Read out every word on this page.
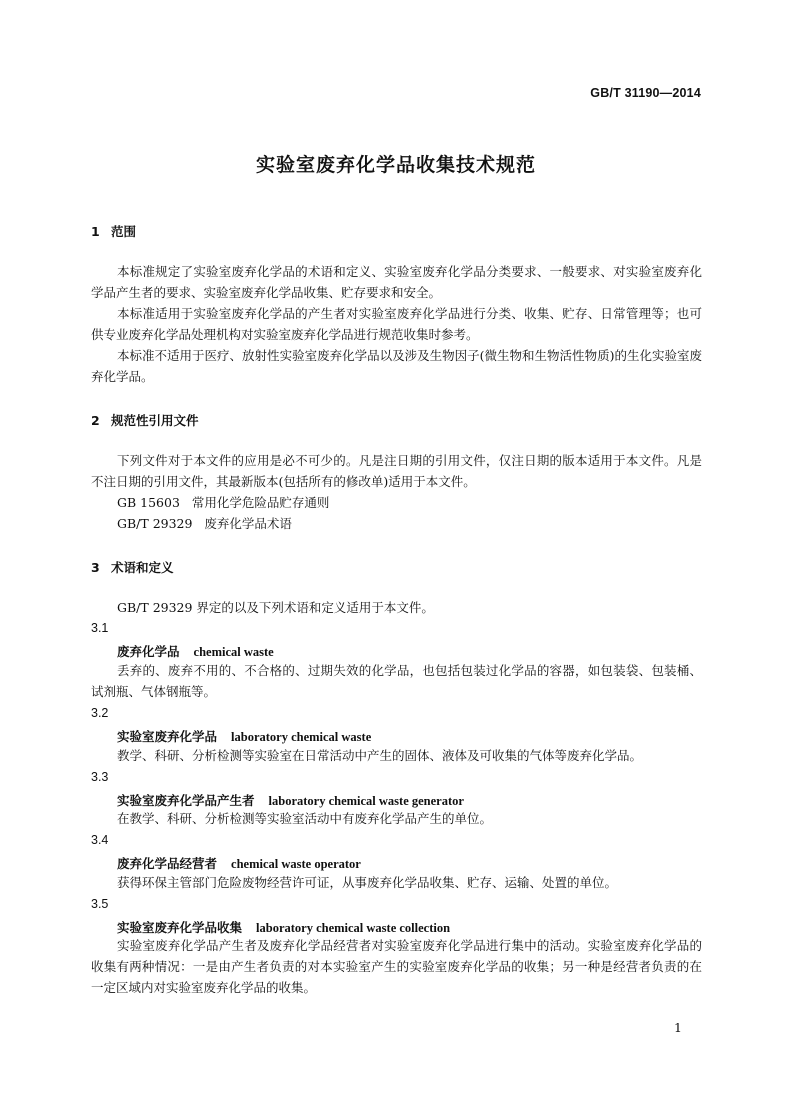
GB/T 31190—2014
实验室废弃化学品收集技术规范
1 范围

本标准规定了实验室废弃化学品的术语和定义、实验室废弃化学品分类要求、一般要求、对实验室废弃化学品产生者的要求、实验室废弃化学品收集、贮存要求和安全。

本标准适用于实验室废弃化学品的产生者对实验室废弃化学品进行分类、收集、贮存、日常管理等；也可供专业废弃化学品处理机构对实验室废弃化学品进行规范收集时参考。

本标准不适用于医疗、放射性实验室废弃化学品以及涉及生物因子(微生物和生物活性物质)的生化实验室废弃化学品。

2 规范性引用文件

下列文件对于本文件的应用是必不可少的。凡是注日期的引用文件，仅注日期的版本适用于本文件。凡是不注日期的引用文件，其最新版本(包括所有的修改单)适用于本文件。

GB 15603 常用化学危险品贮存通则
GB/T 29329 废弃化学品术语
3 术语和定义
GB/T 29329 界定的以及下列术语和定义适用于本文件。
3.1
废弃化学品 chemical waste

丢弃的、废弃不用的、不合格的、过期失效的化学品，也包括包装过化学品的容器，如包装袋、包装桶、试剂瓶、气体钢瓶等。

3.2
实验室废弃化学品 laboratory chemical waste

教学、科研、分析检测等实验室在日常活动中产生的固体、液体及可收集的气体等废弃化学品。

3.3
实验室废弃化学品产生者 laboratory chemical waste generator

在教学、科研、分析检测等实验室活动中有废弃化学品产生的单位。

3.4
废弃化学品经营者 chemical waste operator

获得环保主管部门危险废物经营许可证，从事废弃化学品收集、贮存、运输、处置的单位。

3.5
实验室废弃化学品收集 laboratory chemical waste collection

实验室废弃化学品产生者及废弃化学品经营者对实验室废弃化学品进行集中的活动。实验室废弃化学品的收集有两种情况：一是由产生者负责的对本实验室产生的实验室废弃化学品的收集；另一种是经营者负责的在一定区域内对实验室废弃化学品的收集。

1
